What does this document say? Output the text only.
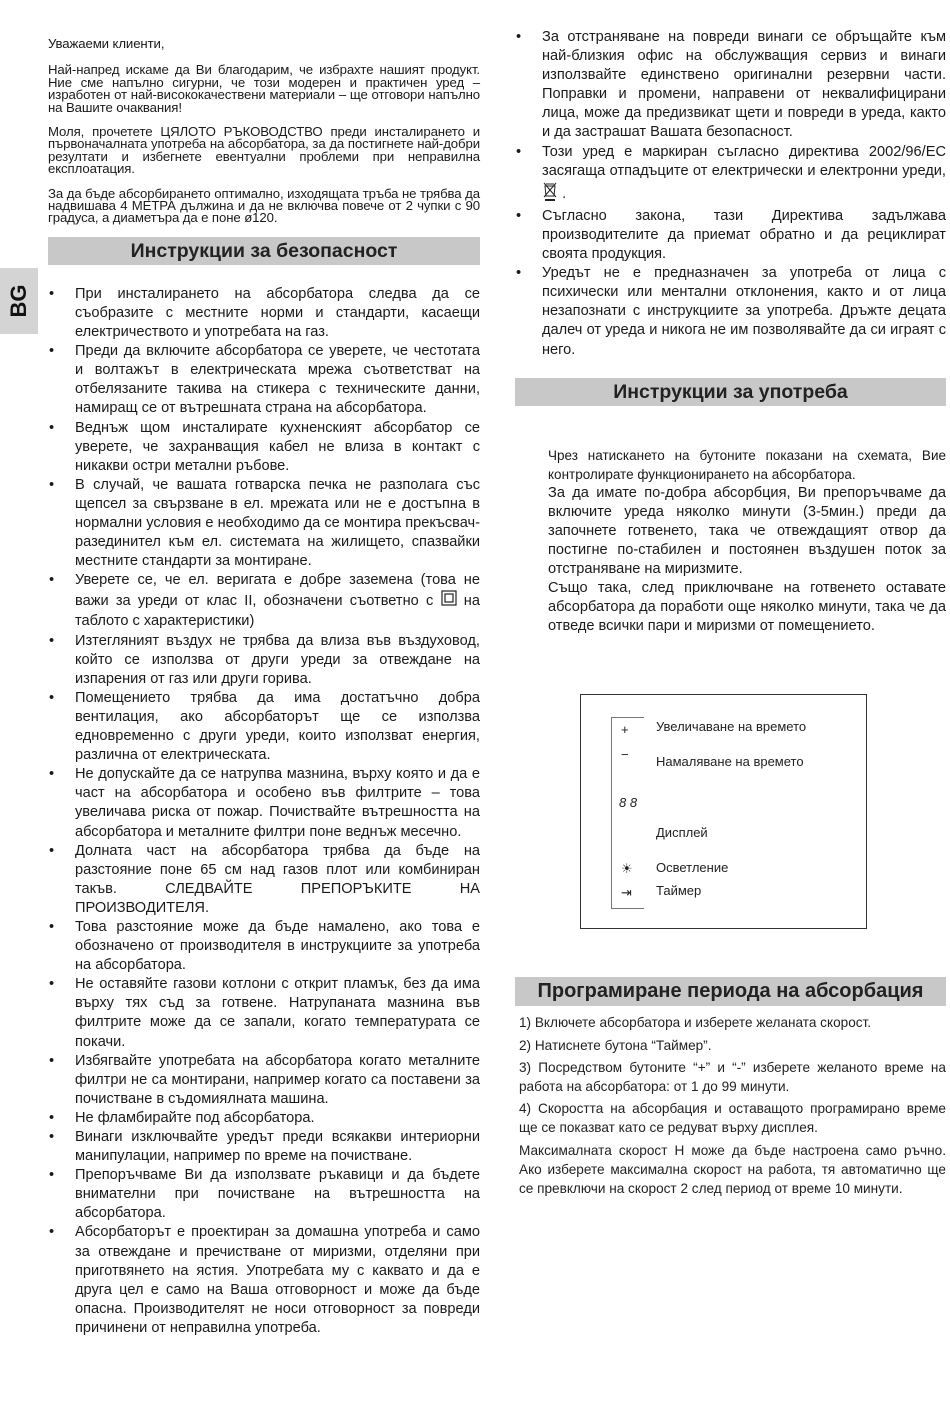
BG

Уважаеми клиенти,

Най-напред искаме да Ви благодарим, че избрахте нашият продукт. Ние сме напълно сигурни, че този модерен и практичен уред – изработен от най-висококачествени материали – ще отговори напълно на Вашите очаквания!

Моля, прочетете ЦЯЛОТО РЪКОВОДСТВО преди инсталирането и първоначалната употреба на абсорбатора, за да постигнете най-добри резултати и избегнете евентуални проблеми при неправилна експлоатация.

За да бъде абсорбирането оптимално, изходящата тръба не трябва да надвишава 4 МЕТРА дължина и да не включва повече от 2 чупки с 90 градуса, а диаметъра да е поне ø120.

Инструкции за безопасност
• При инсталирането на абсорбатора следва да се съобразите с местните норми и стандарти, касаещи електричеството и употребата на газ.
• Преди да включите абсорбатора се уверете, че честотата и волтажът в електрическата мрежа съответстват на отбелязаните такива на стикера с техническите данни, намиращ се от вътрешната страна на абсорбатора.
• Веднъж щом инсталирате кухненският абсорбатор се уверете, че захранващия кабел не влиза в контакт с никакви остри метални ръбове.
• В случай, че вашата готварска печка не разполага със щепсел за свързване в ел. мрежата или не е достъпна в нормални условия е необходимо да се монтира прекъсвач-разединител към ел. системата на жилището, спазвайки местните стандарти за монтиране.
• Уверете се, че ел. веригата е добре заземена (това не важи за уреди от клас II, обозначени съответно с на таблото с характеристики)
• Изтегляният въздух не трябва да влиза във въздуховод, който се използва от други уреди за отвеждане на изпарения от газ или други горива.
• Помещението трябва да има достатъчно добра вентилация, ако абсорбаторът ще се използва едновременно с други уреди, които използват енергия, различна от електрическата.
• Не допускайте да се натрупва мазнина, върху която и да е част на абсорбатора и особено във филтрите – това увеличава риска от пожар. Почиствайте вътрешността на абсорбатора и металните филтри поне веднъж месечно.
• Долната част на абсорбатора трябва да бъде на разстояние поне 65 см над газов плот или комбиниран такъв. СЛЕДВАЙТЕ ПРЕПОРЪКИТЕ НА ПРОИЗВОДИТЕЛЯ.
• Това разстояние може да бъде намалено, ако това е обозначено от производителя в инструкциите за употреба на абсорбатора.
• Не оставяйте газови котлони с открит пламък, без да има върху тях съд за готвене. Натрупаната мазнина във филтрите може да се запали, когато температурата се покачи.
• Избягвайте употребата на абсорбатора когато металните филтри не са монтирани, например когато са поставени за почистване в съдомиялната машина.
• Не фламбирайте под абсорбатора.
• Винаги изключвайте уредът преди всякакви интериорни манипулации, например по време на почистване.
• Препоръчваме Ви да използвате ръкавици и да бъдете внимателни при почистване на вътрешността на абсорбатора.
• Абсорбаторът е проектиран за домашна употреба и само за отвеждане и пречистване от миризми, отделяни при приготвянето на ястия. Употребата му с каквато и да е друга цел е само на Ваша отговорност и може да бъде опасна. Производителят не носи отговорност за повреди причинени от неправилна употреба.
• За отстраняване на повреди винаги се обръщайте към най-близкия офис на обслужващия сервиз и винаги използвайте единствено оригинални резервни части. Поправки и промени, направени от неквалифицирани лица, може да предизвикат щети и повреди в уреда, както и да застрашат Вашата безопасност.
• Този уред е маркиран съгласно директива 2002/96/ЕС засягаща отпадъците от електрически и електронни уреди,  .
• Съгласно закона, тази Директива задължава производителите да приемат обратно и да рециклират своята продукция.
• Уредът не е предназначен за употреба от лица с психически или ментални отклонения, както и от лица незапознати с инструкциите за употреба. Дръжте децата далеч от уреда и никога не им позволявайте да си играят с него.
Инструкции за употреба
Чрез натискането на бутоните показани на схемата, Вие контролирате функционирането на абсорбатора.
За да имате по-добра абсорбция, Ви препоръчваме да включите уреда няколко минути (3-5мин.) преди да започнете готвенето, така че отвеждащият отвор да постигне по-стабилен и постоянен въздушен поток за отстраняване на миризмите.
Също така, след приключване на готвенето оставате абсорбатора да поработи още няколко минути, така че да отведе всички пари и миризми от помещението.
+ Увеличаване на времето
− Намаляване на времето
8 8
Дисплей
☀ Осветление
⇥ Таймер
Програмиране периода на абсорбация

1) Включете абсорбатора и изберете желаната скорост.

2) Натиснете бутона “Таймер”.

3) Посредством бутоните “+” и “-” изберете желаното време на работа на абсорбатора: от 1 до 99 минути.

4) Скоростта на абсорбация и оставащото програмирано време ще се показват като се редуват върху дисплея.

Максималната скорост Н може да бъде настроена само ръчно. Ако изберете максимална скорост на работа, тя автоматично ще се превключи на скорост 2 след период от време 10 минути.
